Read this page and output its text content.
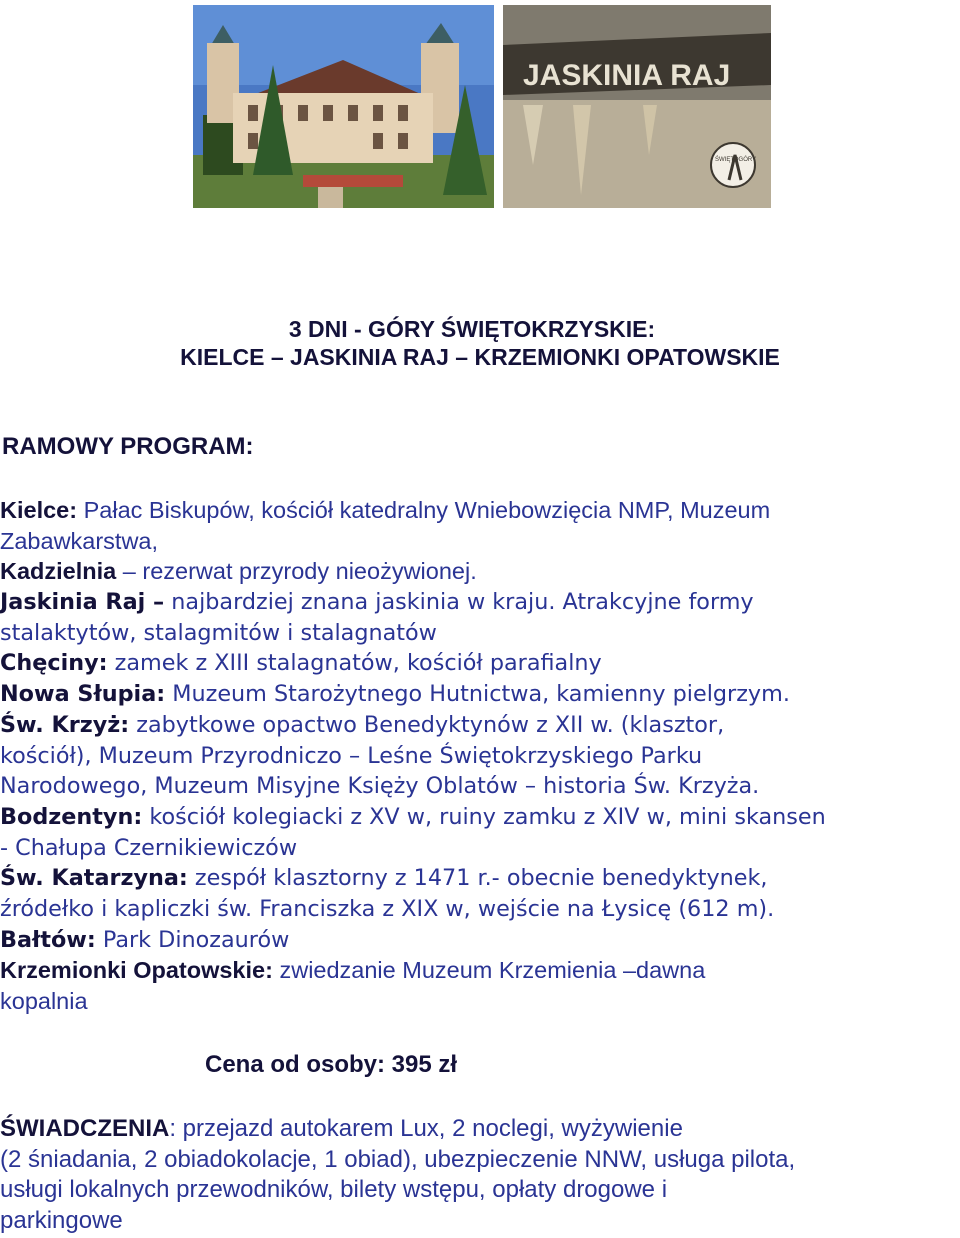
JASKINIA RAJ
ŚWIĘTOGÓRY
3 DNI - GÓRY ŚWIĘTOKRZYSKIE:
KIELCE – JASKINIA RAJ – KRZEMIONKI OPATOWSKIE
RAMOWY PROGRAM:
Kielce: Pałac Biskupów, kościół katedralny Wniebowzięcia NMP, Muzeum
Zabawkarstwa,
Kadzielnia – rezerwat przyrody nieożywionej.
Jaskinia Raj – najbardziej znana jaskinia w kraju. Atrakcyjne formy
stalaktytów, stalagmitów i stalagnatów
Chęciny: zamek z XIII stalagnatów, kościół parafialny
Nowa Słupia: Muzeum Starożytnego Hutnictwa, kamienny pielgrzym.
Św. Krzyż: zabytkowe opactwo Benedyktynów z XII w. (klasztor,
kościół), Muzeum Przyrodniczo – Leśne Świętokrzyskiego Parku
Narodowego, Muzeum Misyjne Księży Oblatów – historia Św. Krzyża.
Bodzentyn: kościół kolegiacki z XV w, ruiny zamku z XIV w, mini skansen
- Chałupa Czernikiewiczów
Św. Katarzyna: zespół klasztorny z 1471 r.- obecnie benedyktynek,
źródełko i kapliczki św. Franciszka z XIX w, wejście na Łysicę (612 m).
Bałtów: Park Dinozaurów
Krzemionki Opatowskie: zwiedzanie Muzeum Krzemienia –dawna
kopalnia

Cena od osoby: 395 zł

ŚWIADCZENIA: przejazd autokarem Lux, 2 noclegi, wyżywienie
(2 śniadania, 2 obiadokolacje, 1 obiad), ubezpieczenie NNW, usługa pilota,
usługi lokalnych przewodników, bilety wstępu, opłaty drogowe i
parkingowe
